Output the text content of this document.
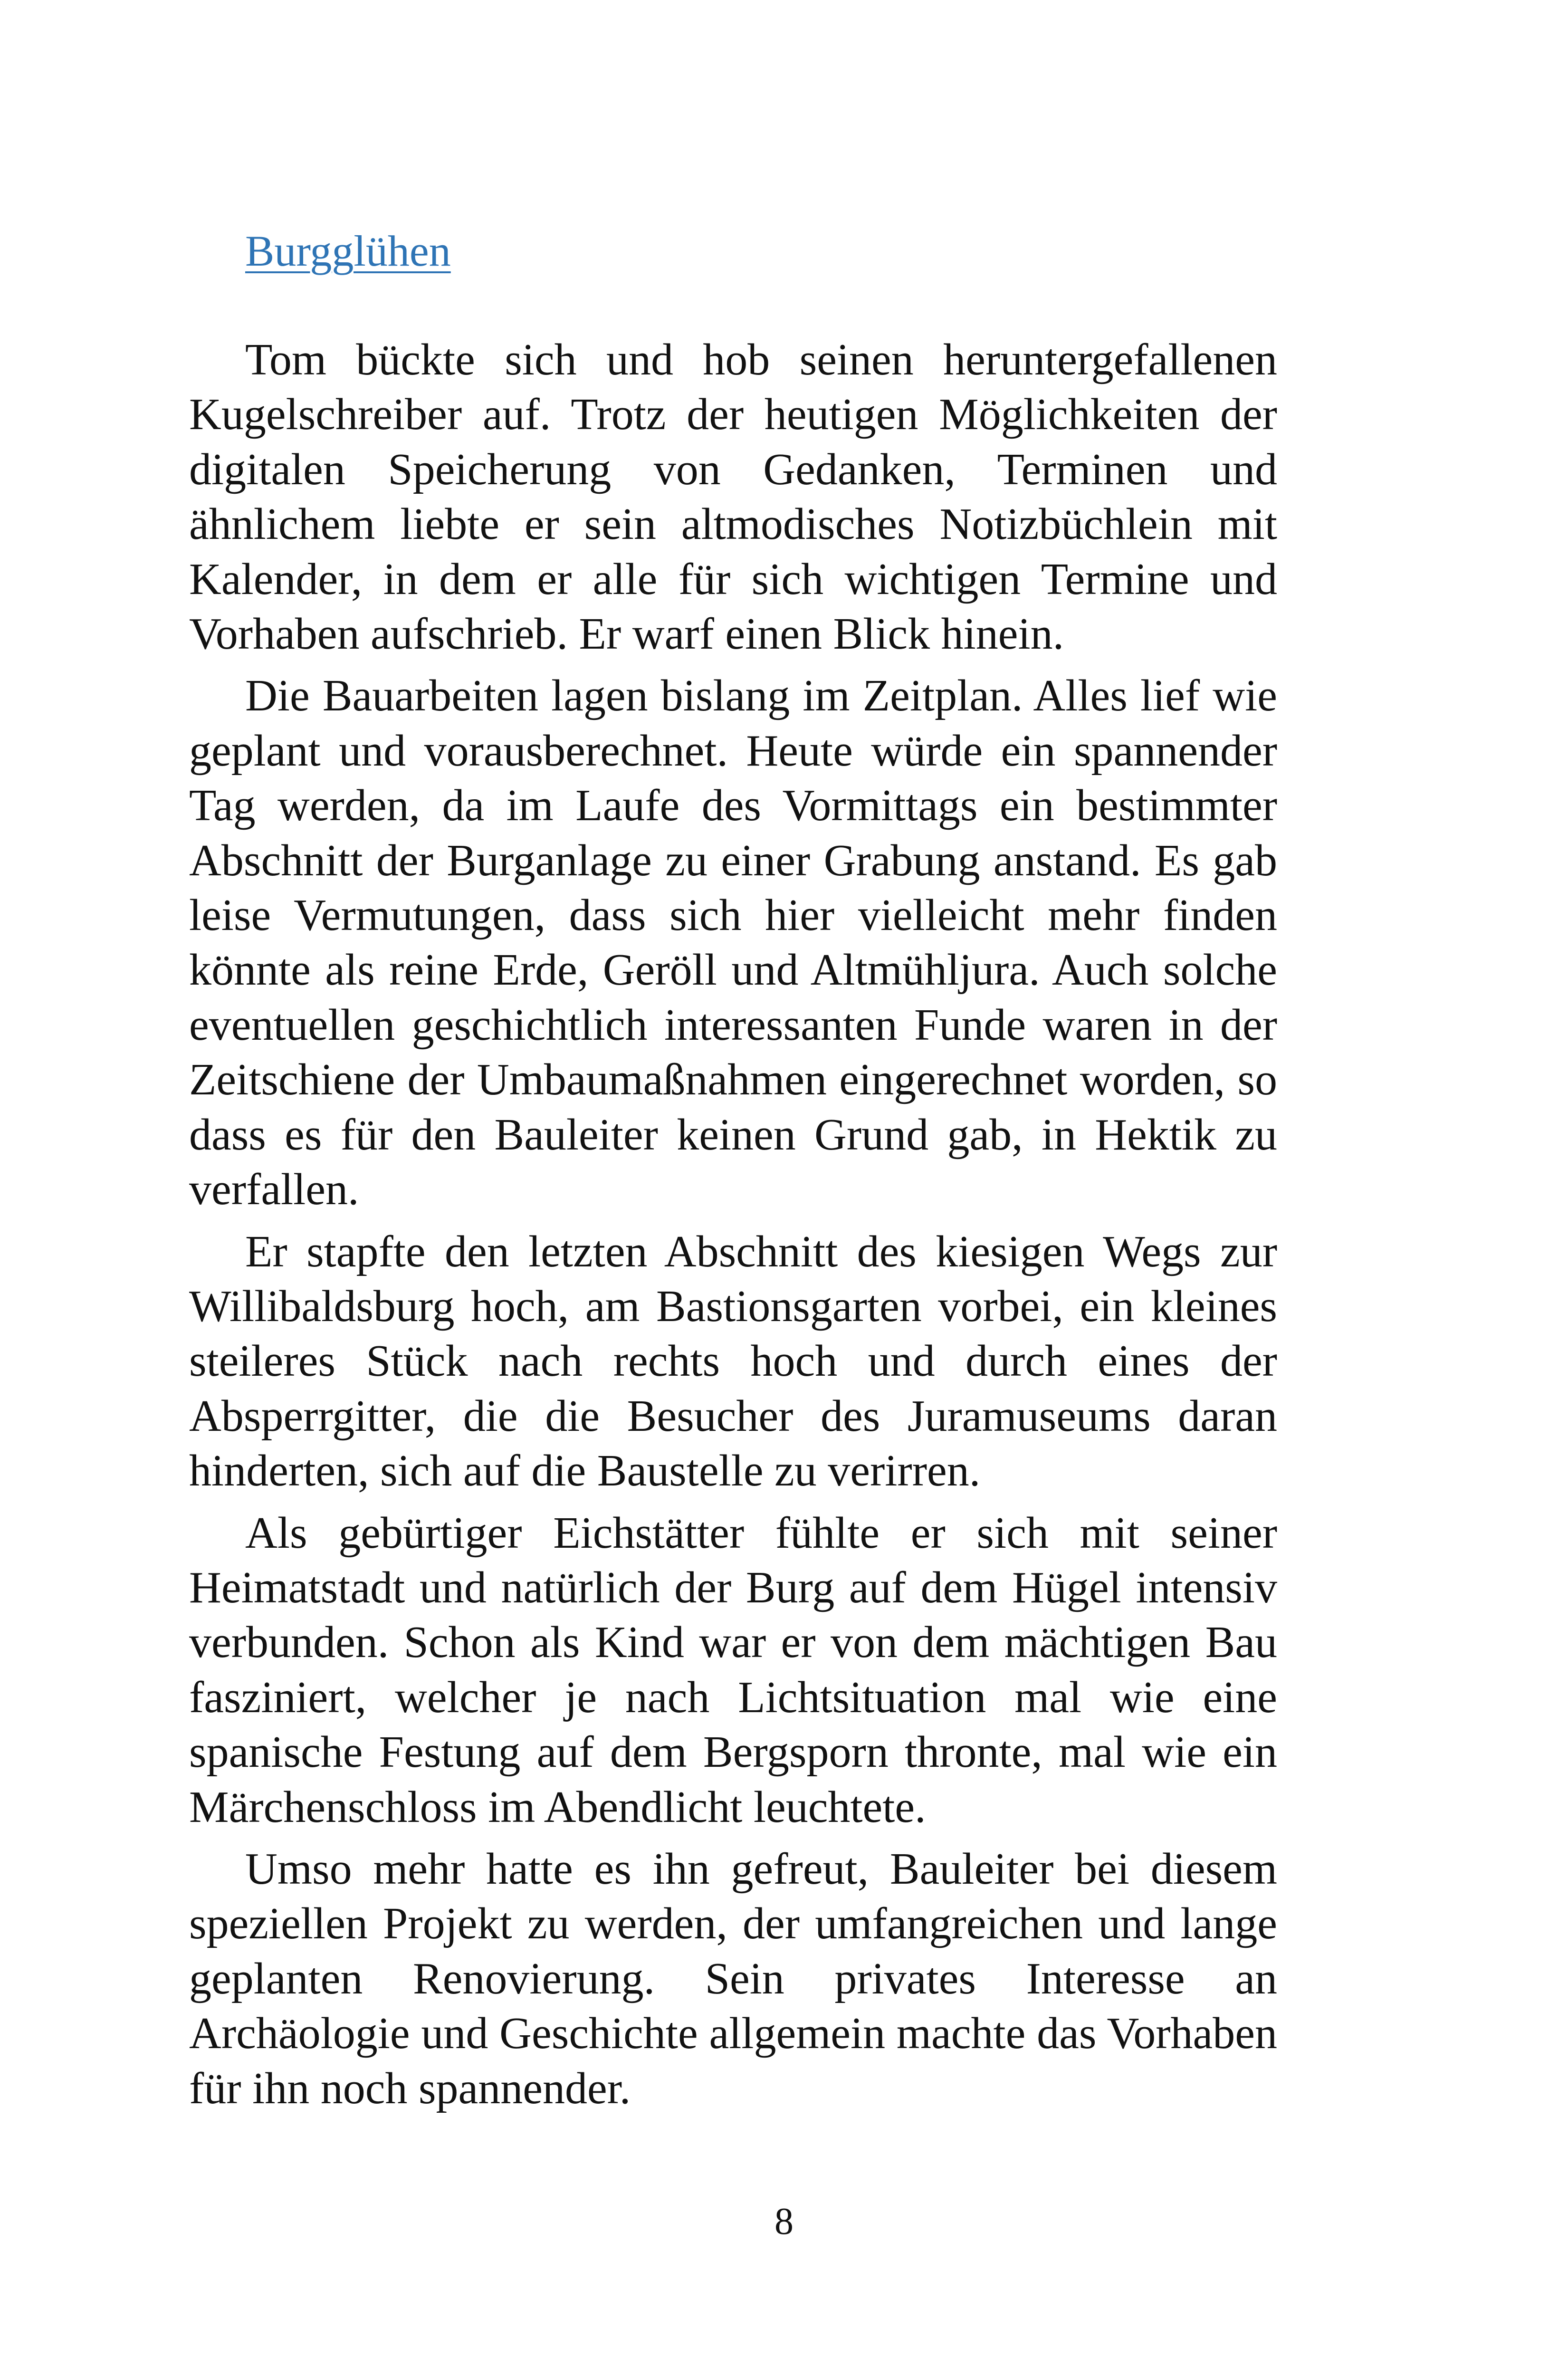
Burgglühen

Tom bückte sich und hob seinen heruntergefallenen Kugelschreiber auf. Trotz der heutigen Möglichkeiten der digitalen Speicherung von Gedanken, Terminen und ähnlichem liebte er sein altmodisches Notizbüchlein mit Kalender, in dem er alle für sich wichtigen Termine und Vorhaben aufschrieb. Er warf einen Blick hinein.

Die Bauarbeiten lagen bislang im Zeitplan. Alles lief wie geplant und vorausberechnet. Heute würde ein spannender Tag werden, da im Laufe des Vormittags ein bestimmter Abschnitt der Burganlage zu einer Grabung anstand. Es gab leise Vermutungen, dass sich hier vielleicht mehr finden könnte als reine Erde, Geröll und Altmühljura. Auch solche eventuellen geschichtlich interessanten Funde waren in der Zeitschiene der Umbaumaßnahmen eingerechnet worden, so dass es für den Bauleiter keinen Grund gab, in Hektik zu verfallen.

Er stapfte den letzten Abschnitt des kiesigen Wegs zur Willibaldsburg hoch, am Bastionsgarten vorbei, ein kleines steileres Stück nach rechts hoch und durch eines der Absperrgitter, die die Besucher des Juramuseums daran hinderten, sich auf die Baustelle zu verirren.

Als gebürtiger Eichstätter fühlte er sich mit seiner Heimatstadt und natürlich der Burg auf dem Hügel intensiv verbunden. Schon als Kind war er von dem mächtigen Bau fasziniert, welcher je nach Lichtsituation mal wie eine spanische Festung auf dem Bergsporn thronte, mal wie ein Märchenschloss im Abendlicht leuchtete.

Umso mehr hatte es ihn gefreut, Bauleiter bei diesem speziellen Projekt zu werden, der umfangreichen und lange geplanten Renovierung. Sein privates Interesse an Archäologie und Geschichte allgemein machte das Vorhaben für ihn noch spannender.

8
